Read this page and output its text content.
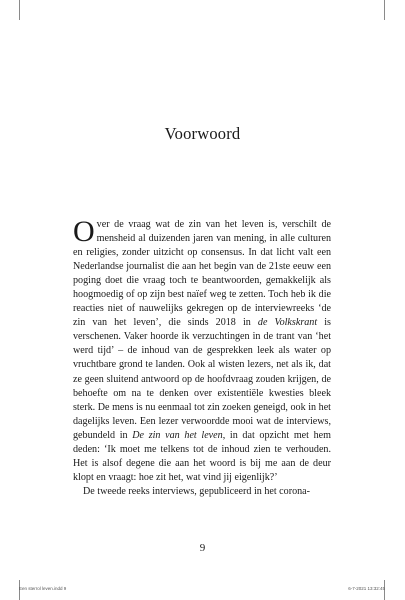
Voorwoord

Over de vraag wat de zin van het leven is, verschilt de mensheid al duizenden jaren van mening, in alle culturen en religies, zonder uitzicht op consensus. In dat licht valt een Nederlandse journalist die aan het begin van de 21ste eeuw een poging doet die vraag toch te beantwoorden, gemakkelijk als hoogmoedig of op zijn best naïef weg te zetten. Toch heb ik die reacties niet of nauwelijks gekregen op de interviewreeks ‘de zin van het leven’, die sinds 2018 in de Volkskrant is verschenen. Vaker hoorde ik verzuchtingen in de trant van ‘het werd tijd’ – de inhoud van de gesprekken leek als water op vruchtbare grond te landen. Ook al wisten lezers, net als ik, dat ze geen sluitend antwoord op de hoofdvraag zouden krijgen, de behoefte om na te denken over existentiële kwesties bleek sterk. De mens is nu eenmaal tot zin zoeken geneigd, ook in het dagelijks leven. Een lezer verwoordde mooi wat de interviews, gebundeld in De zin van het leven, in dat opzicht met hem deden: ‘Ik moet me telkens tot de inhoud zien te verhouden. Het is alsof degene die aan het woord is bij me aan de deur klopt en vraagt: hoe zit het, wat vind jij eigenlijk?’

De tweede reeks interviews, gepubliceerd in het corona-

9
Een sterrol leven.indd 9	6-7-2021 13:32:45
